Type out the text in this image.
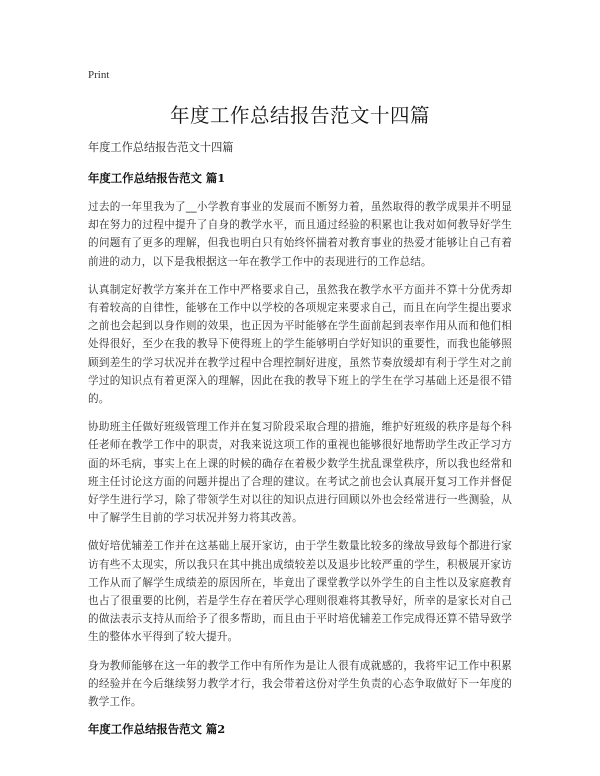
Print
年度工作总结报告范文十四篇
年度工作总结报告范文十四篇
年度工作总结报告范文 篇1

过去的一年里我为了__小学教育事业的发展而不断努力着，虽然取得的教学成果并不明显却在努力的过程中提升了自身的教学水平，而且通过经验的积累也让我对如何教导好学生的问题有了更多的理解，但我也明白只有始终怀揣着对教育事业的热爱才能够让自己有着前进的动力，以下是我根据这一年在教学工作中的表现进行的工作总结。

认真制定好教学方案并在工作中严格要求自己，虽然我在教学水平方面并不算十分优秀却有着较高的自律性，能够在工作中以学校的各项规定来要求自己，而且在向学生提出要求之前也会起到以身作则的效果，也正因为平时能够在学生面前起到表率作用从而和他们相处得很好，至少在我的教导下使得班上的学生能够明白学好知识的重要性，而我也能够照顾到差生的学习状况并在教学过程中合理控制好进度，虽然节奏放缓却有利于学生对之前学过的知识点有着更深入的理解，因此在我的教导下班上的学生在学习基础上还是很不错的。

协助班主任做好班级管理工作并在复习阶段采取合理的措施，维护好班级的秩序是每个科任老师在教学工作中的职责，对我来说这项工作的重视也能够很好地帮助学生改正学习方面的坏毛病，事实上在上课的时候的确存在着极少数学生扰乱课堂秩序，所以我也经常和班主任讨论这方面的问题并提出了合理的建议。在考试之前也会认真展开复习工作并督促好学生进行学习，除了带领学生对以往的知识点进行回顾以外也会经常进行一些测验，从中了解学生目前的学习状况并努力将其改善。

做好培优辅差工作并在这基础上展开家访，由于学生数量比较多的缘故导致每个都进行家访有些不太现实，所以我只在其中挑出成绩较差以及退步比较严重的学生，积极展开家访工作从而了解学生成绩差的原因所在，毕竟出了课堂教学以外学生的自主性以及家庭教育也占了很重要的比例，若是学生存在着厌学心理则很难将其教导好，所幸的是家长对自己的做法表示支持从而给予了很多帮助，而且由于平时培优辅差工作完成得还算不错导致学生的整体水平得到了较大提升。

身为教师能够在这一年的教学工作中有所作为是让人很有成就感的，我将牢记工作中积累的经验并在今后继续努力教学才行，我会带着这份对学生负责的心态争取做好下一年度的教学工作。

年度工作总结报告范文 篇2
